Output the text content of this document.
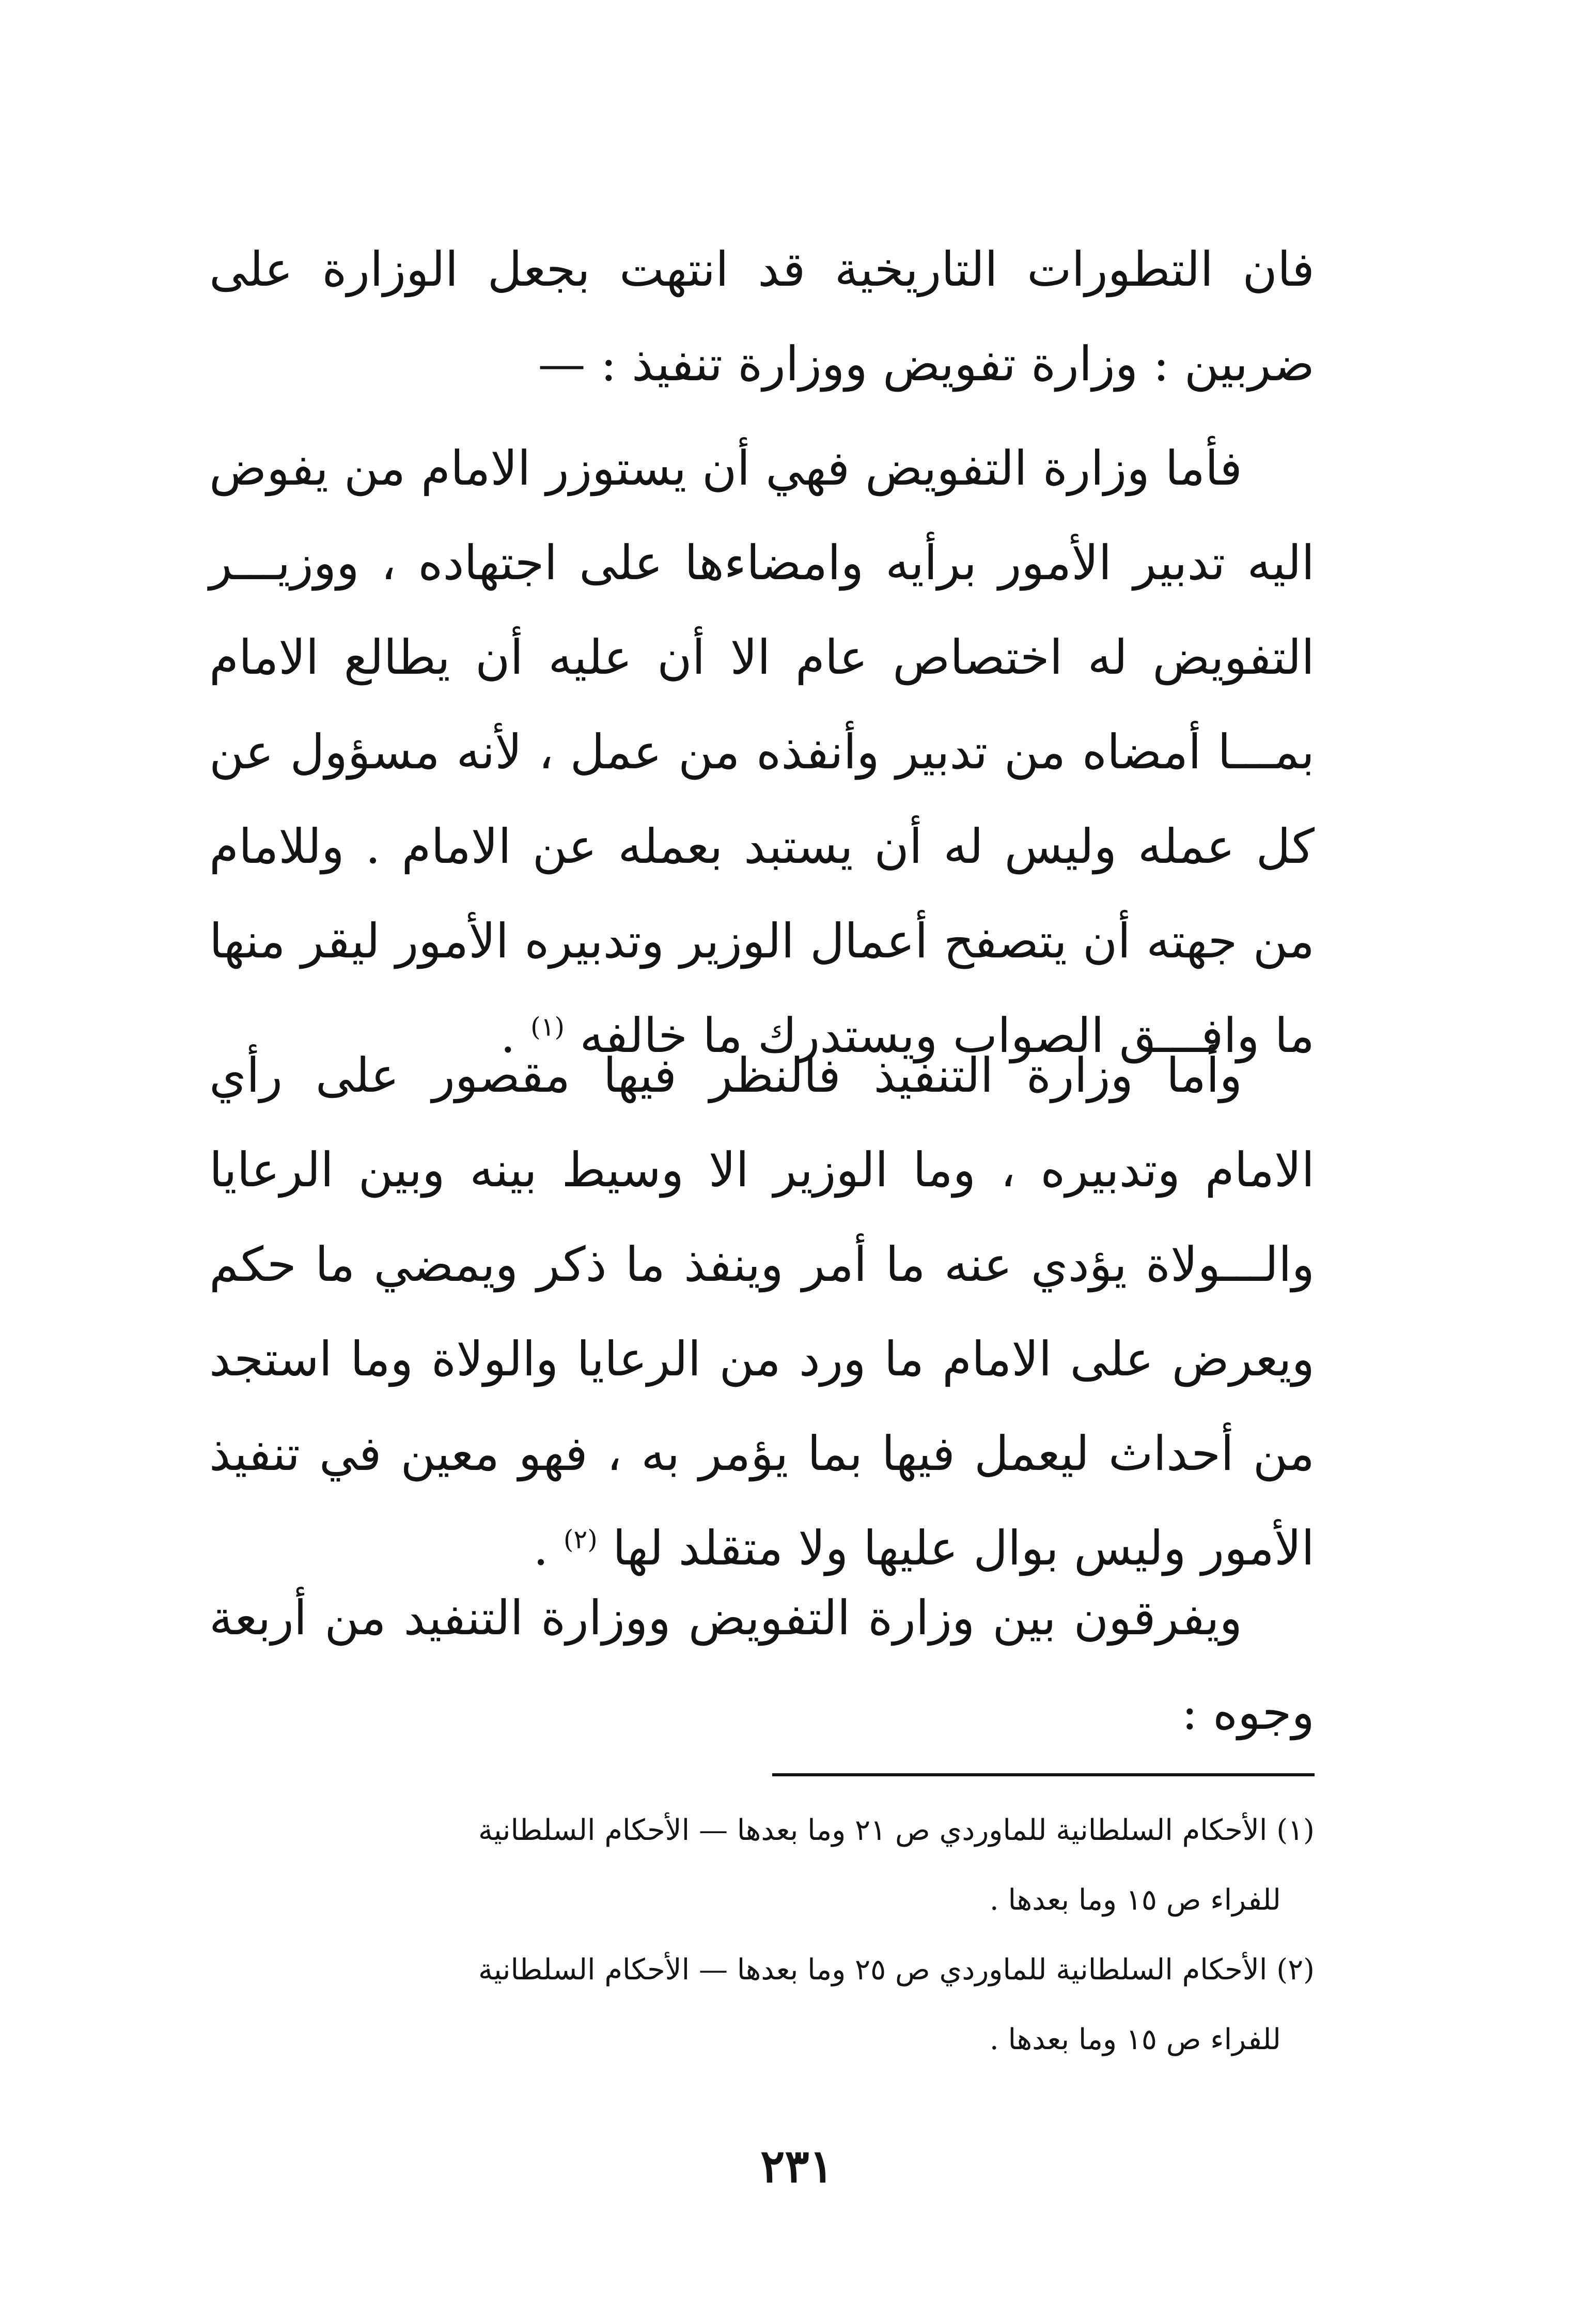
فان التطورات التاريخية قد انتهت بجعل الوزارة على ضربين : وزارة تفويض ووزارة تنفيذ : —
فأما وزارة التفويض فهي أن يستوزر الامام من يفوض اليه تدبير الأمور برأيه وامضاءها على اجتهاده ، ووزيـــر التفويض له اختصاص عام الا أن عليه أن يطالع الامام بمـــا أمضاه من تدبير وأنفذه من عمل ، لأنه مسؤول عن كل عمله وليس له أن يستبد بعمله عن الامام . وللامام من جهته أن يتصفح أعمال الوزير وتدبيره الأمور ليقر منها ما وافـــق الصواب ويستدرك ما خالفه $^{(١)}$ .
وأما وزارة التنفيذ فالنظر فيها مقصور على رأي الامام وتدبيره ، وما الوزير الا وسيط بينه وبين الرعايا والـــولاة يؤدي عنه ما أمر وينفذ ما ذكر ويمضي ما حكم ويعرض على الامام ما ورد من الرعايا والولاة وما استجد من أحداث ليعمل فيها بما يؤمر به ، فهو معين في تنفيذ الأمور وليس بوال عليها ولا متقلد لها $^{(٢)}$ .
ويفرقون بين وزارة التفويض ووزارة التنفيد من أربعة وجوه :
(١) الأحكام السلطانية للماوردي ص ٢١ وما بعدها — الأحكام السلطانية
للفراء ص ١٥ وما بعدها .
(٢) الأحكام السلطانية للماوردي ص ٢٥ وما بعدها — الأحكام السلطانية
للفراء ص ١٥ وما بعدها .
٢٣١
